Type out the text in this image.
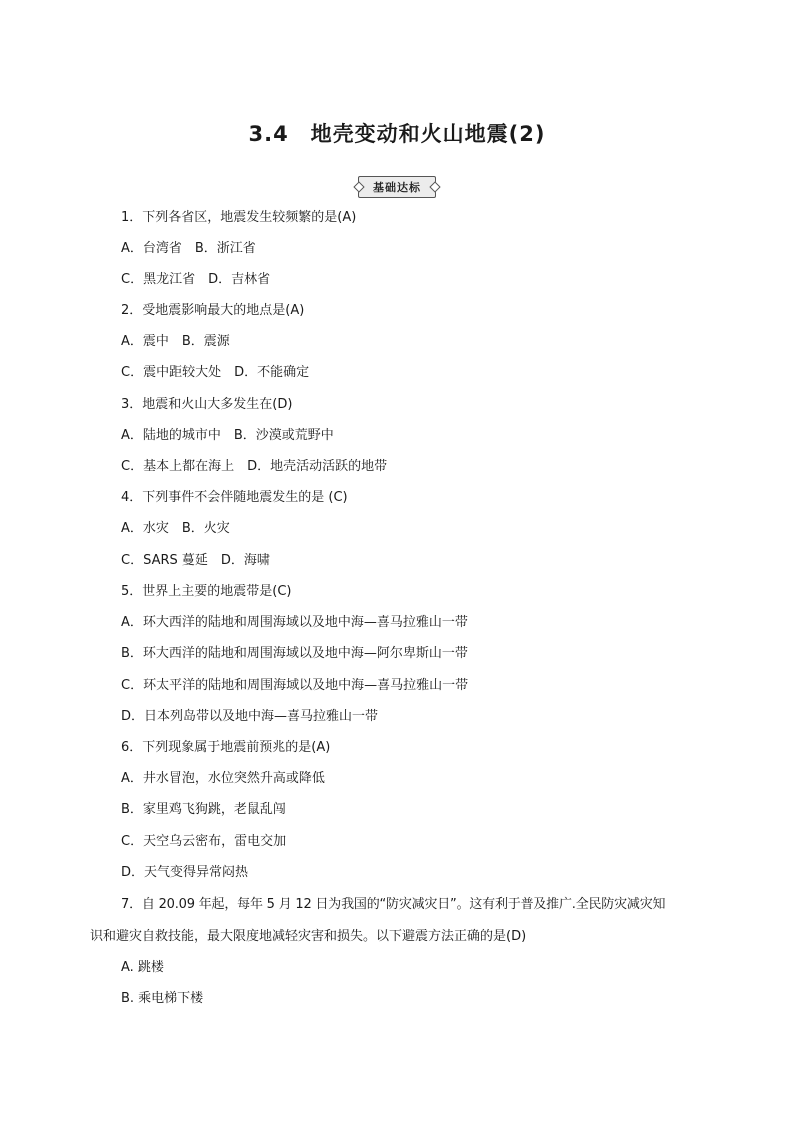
3.4　地壳变动和火山地震(2)
基础达标
1．下列各省区，地震发生较频繁的是(A)
A．台湾省　B．浙江省
C．黑龙江省　D．吉林省
2．受地震影响最大的地点是(A)
A．震中　B．震源
C．震中距较大处　D．不能确定
3．地震和火山大多发生在(D)
A．陆地的城市中　B．沙漠或荒野中
C．基本上都在海上　D．地壳活动活跃的地带
4．下列事件不会伴随地震发生的是 (C)
A．水灾　B．火灾
C．SARS 蔓延　D．海啸
5．世界上主要的地震带是(C)
A．环大西洋的陆地和周围海域以及地中海—喜马拉雅山一带
B．环大西洋的陆地和周围海域以及地中海—阿尔卑斯山一带
C．环太平洋的陆地和周围海域以及地中海—喜马拉雅山一带
D．日本列岛带以及地中海—喜马拉雅山一带
6．下列现象属于地震前预兆的是(A)
A．井水冒泡，水位突然升高或降低
B．家里鸡飞狗跳，老鼠乱闯
C．天空乌云密布，雷电交加
D．天气变得异常闷热
7．自 20.09 年起，每年 5 月 12 日为我国的“防灾减灾日”。这有利于普及推广.全民防灾减灾知
识和避灾自救技能，最大限度地减轻灾害和损失。以下避震方法正确的是(D)
A. 跳楼
B. 乘电梯下楼
